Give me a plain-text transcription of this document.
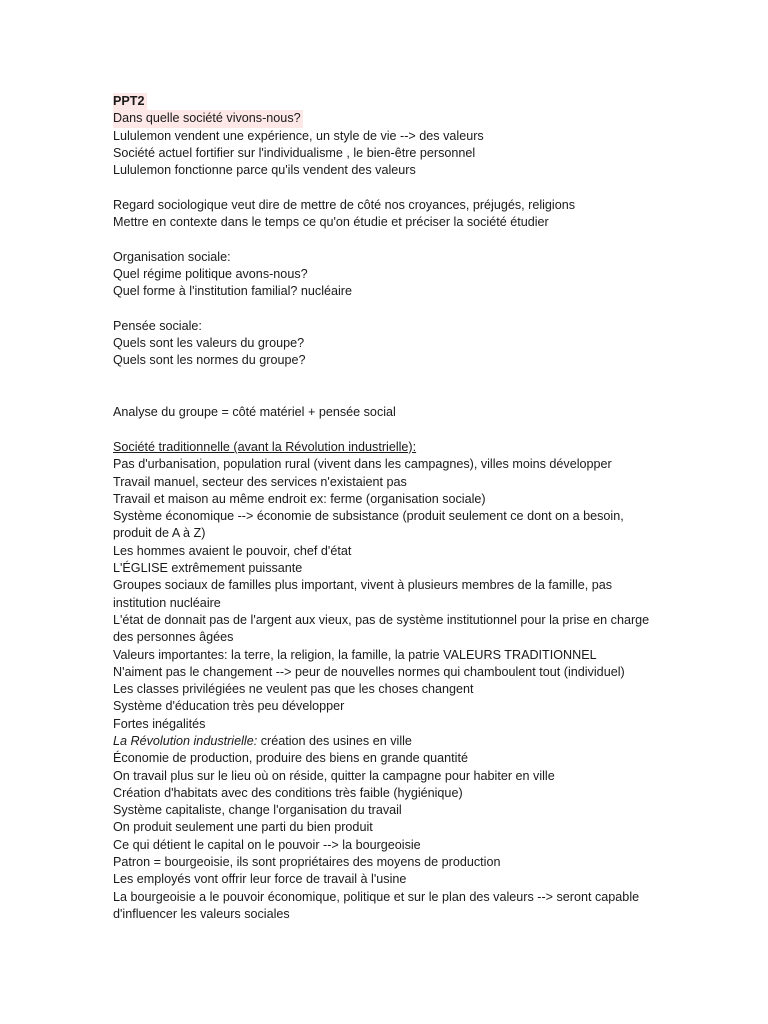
PPT2
Dans quelle société vivons-nous?
Lululemon vendent une expérience, un style de vie --> des valeurs
Société actuel fortifier sur l'individualisme , le bien-être personnel
Lululemon fonctionne parce qu'ils vendent des valeurs
Regard sociologique veut dire de mettre de côté nos croyances, préjugés, religions
Mettre en contexte dans le temps ce qu'on étudie et préciser la société étudier
Organisation sociale:
Quel régime politique avons-nous?
Quel forme à l'institution familial? nucléaire
Pensée sociale:
Quels sont les valeurs du groupe?
Quels sont les normes du groupe?
Analyse du groupe = côté matériel + pensée social
Société traditionnelle (avant la Révolution industrielle):
Pas d'urbanisation, population rural (vivent dans les campagnes), villes moins développer
Travail manuel, secteur des services n'existaient pas
Travail et maison au même endroit ex: ferme (organisation sociale)
Système économique --> économie de subsistance (produit seulement ce dont on a besoin,
produit de A à Z)
Les hommes avaient le pouvoir, chef d'état
L'ÉGLISE extrêmement puissante
Groupes sociaux de familles plus important, vivent à plusieurs membres de la famille, pas
institution nucléaire
L'état de donnait pas de l'argent aux vieux, pas de système institutionnel pour la prise en charge
des personnes âgées
Valeurs importantes: la terre, la religion, la famille, la patrie VALEURS TRADITIONNEL
N'aiment pas le changement --> peur de nouvelles normes qui chamboulent tout (individuel)
Les classes privilégiées ne veulent pas que les choses changent
Système d'éducation très peu développer
Fortes inégalités
La Révolution industrielle: création des usines en ville
Économie de production, produire des biens en grande quantité
On travail plus sur le lieu où on réside, quitter la campagne pour habiter en ville
Création d'habitats avec des conditions très faible (hygiénique)
Système capitaliste, change l'organisation du travail
On produit seulement une parti du bien produit
Ce qui détient le capital on le pouvoir --> la bourgeoisie
Patron = bourgeoisie, ils sont propriétaires des moyens de production
Les employés vont offrir leur force de travail à l'usine
La bourgeoisie a le pouvoir économique, politique et sur le plan des valeurs --> seront capable
d'influencer les valeurs sociales
